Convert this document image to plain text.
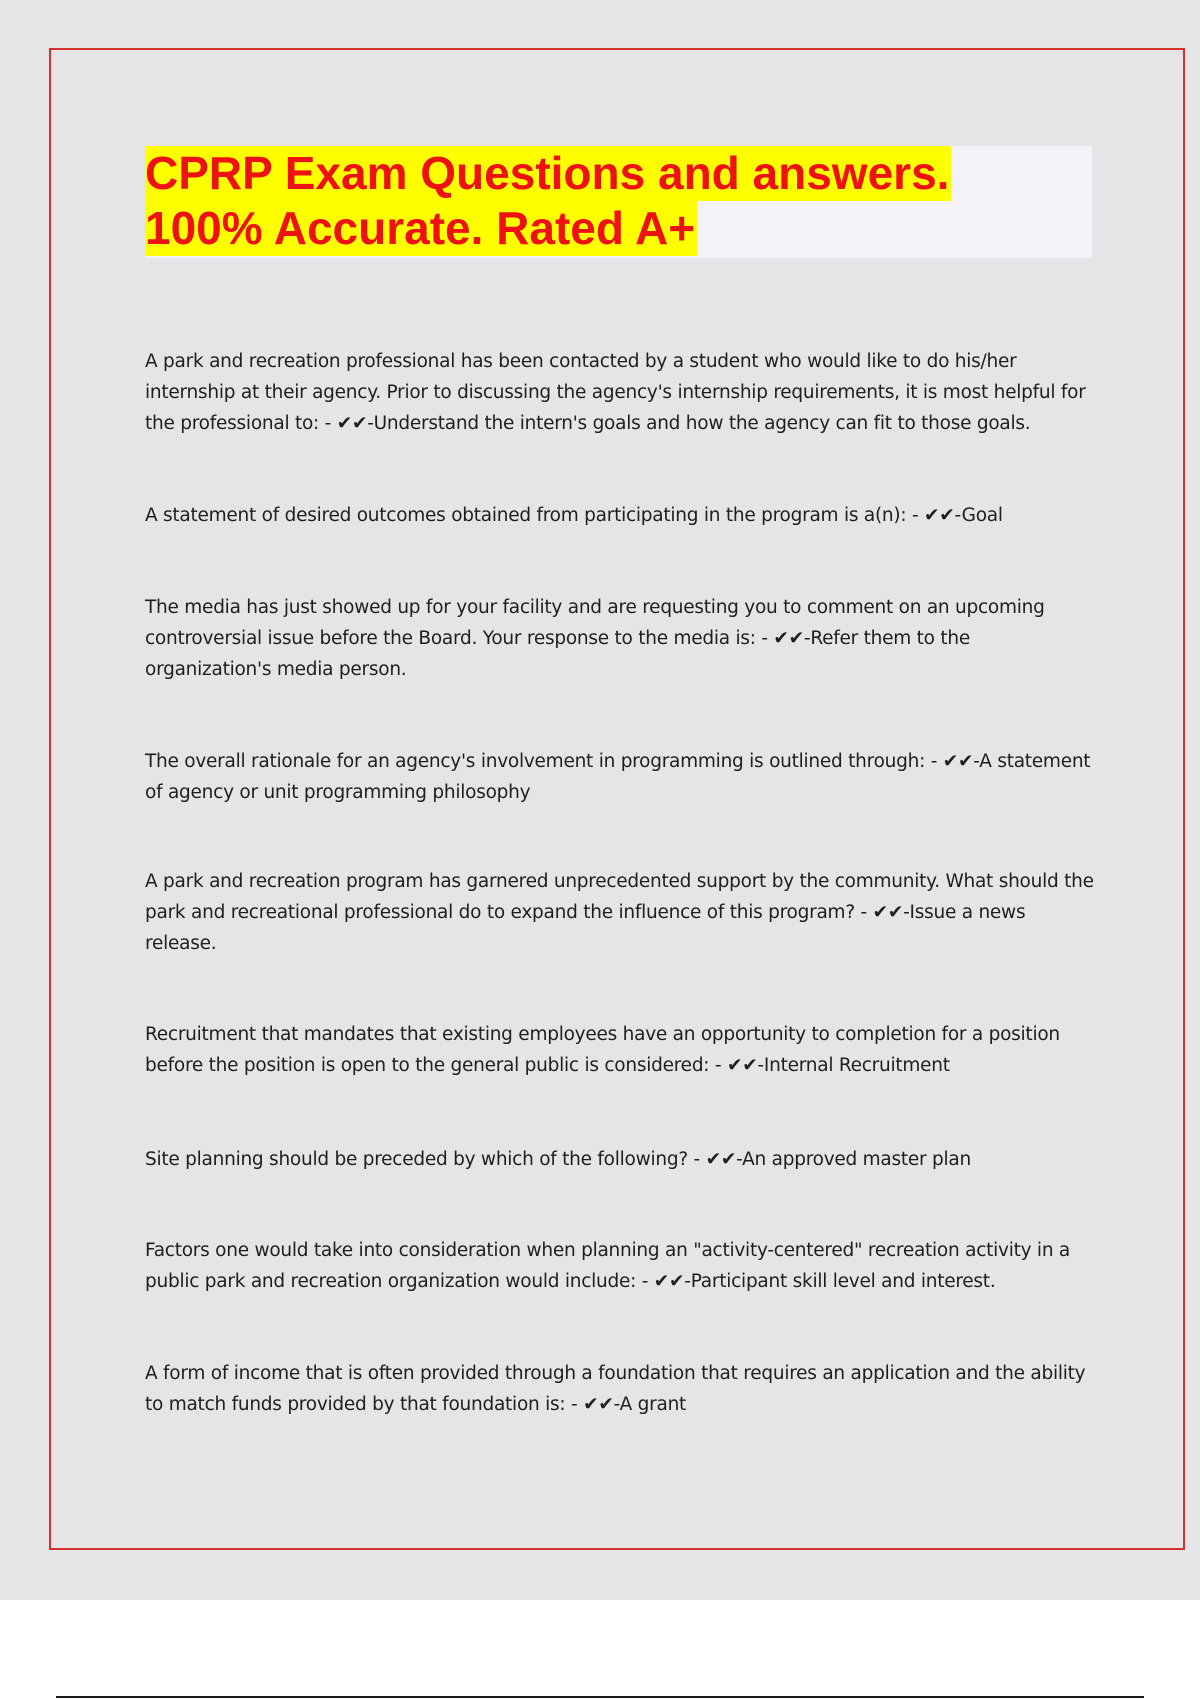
CPRP Exam Questions and answers.
100% Accurate. Rated A+

A park and recreation professional has been contacted by a student who would like to do his/her internship at their agency. Prior to discussing the agency's internship requirements, it is most helpful for the professional to: - ✔✔-Understand the intern's goals and how the agency can fit to those goals.

A statement of desired outcomes obtained from participating in the program is a(n): - ✔✔-Goal

The media has just showed up for your facility and are requesting you to comment on an upcoming controversial issue before the Board. Your response to the media is: - ✔✔-Refer them to the organization's media person.

The overall rationale for an agency's involvement in programming is outlined through: - ✔✔-A statement of agency or unit programming philosophy

A park and recreation program has garnered unprecedented support by the community. What should the park and recreational professional do to expand the influence of this program? - ✔✔-Issue a news release.

Recruitment that mandates that existing employees have an opportunity to completion for a position before the position is open to the general public is considered: - ✔✔-Internal Recruitment

Site planning should be preceded by which of the following? - ✔✔-An approved master plan

Factors one would take into consideration when planning an "activity-centered" recreation activity in a public park and recreation organization would include: - ✔✔-Participant skill level and interest.

A form of income that is often provided through a foundation that requires an application and the ability to match funds provided by that foundation is: - ✔✔-A grant
